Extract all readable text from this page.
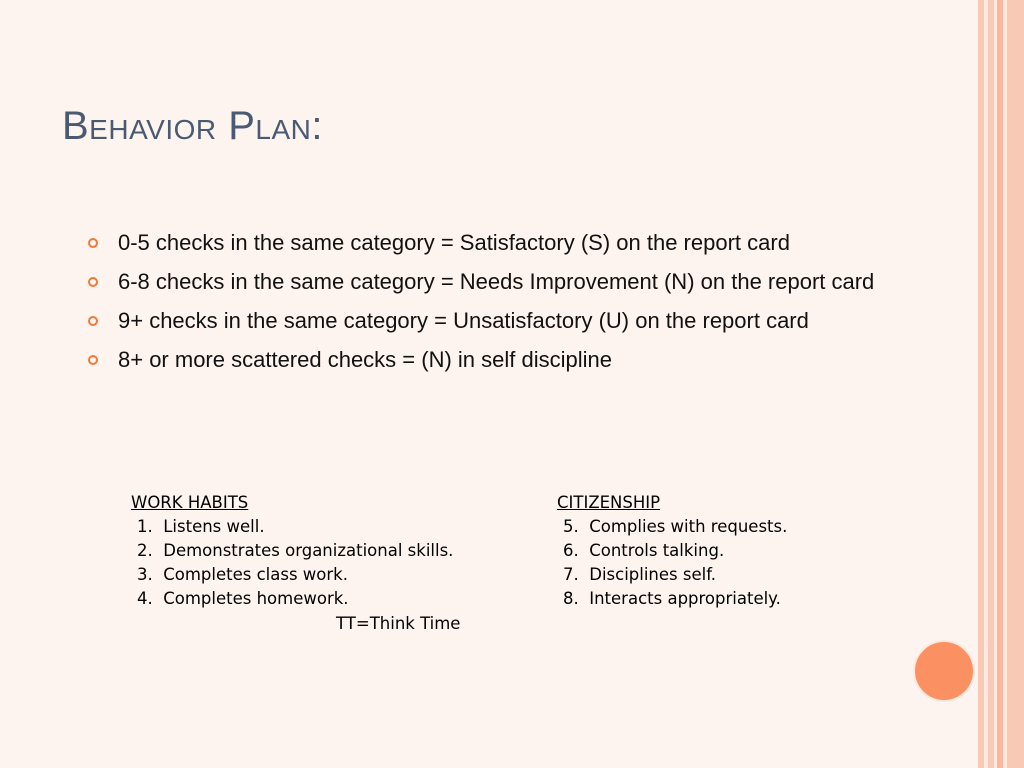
Behavior Plan:
0-5 checks in the same category = Satisfactory (S) on the report card
6-8 checks in the same category = Needs Improvement (N) on the report card
9+ checks in the same category = Unsatisfactory (U) on the report card
8+ or more scattered checks = (N) in self discipline
WORK HABITS
1.  Listens well.
2.  Demonstrates organizational skills.
3.  Completes class work.
4.  Completes homework.
CITIZENSHIP
5.  Complies with requests.
6.  Controls talking.
7.  Disciplines self.
8.  Interacts appropriately.
TT=Think Time
